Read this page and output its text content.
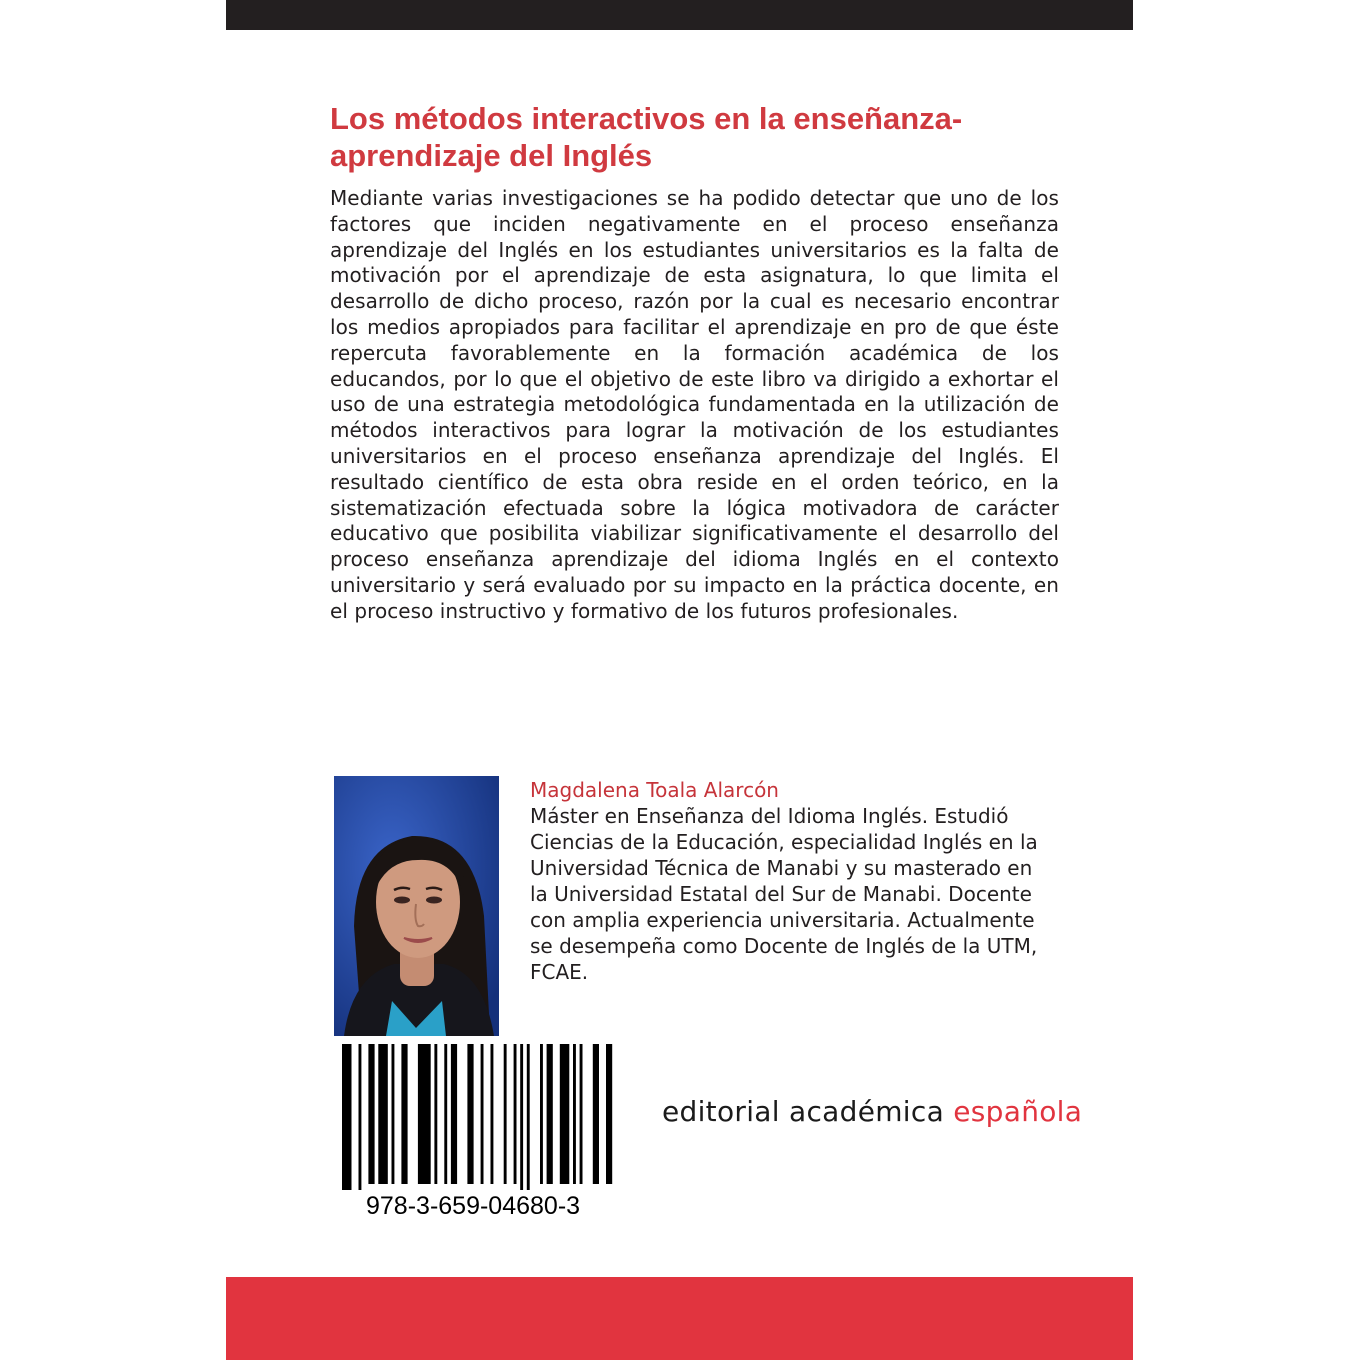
Los métodos interactivos en la enseñanza-aprendizaje del Inglés

Mediante varias investigaciones se ha podido detectar que uno de los factores que inciden negativamente en el proceso enseñanza aprendizaje del Inglés en los estudiantes universitarios es la falta de motivación por el aprendizaje de esta asignatura, lo que limita el desarrollo de dicho proceso, razón por la cual es necesario encontrar los medios apropiados para facilitar el aprendizaje en pro de que éste repercuta favorablemente en la formación académica de los educandos, por lo que el objetivo de este libro va dirigido a exhortar el uso de una estrategia metodológica fundamentada en la utilización de métodos interactivos para lograr la motivación de los estudiantes universitarios en el proceso enseñanza aprendizaje del Inglés. El resultado científico de esta obra reside en el orden teórico, en la sistematización efectuada sobre la lógica motivadora de carácter educativo que posibilita viabilizar significativamente el desarrollo del proceso enseñanza aprendizaje del idioma Inglés en el contexto universitario y será evaluado por su impacto en la práctica docente, en el proceso instructivo y formativo de los futuros profesionales.

Magdalena Toala Alarcón

Máster en Enseñanza del Idioma Inglés. Estudió
Ciencias de la Educación, especialidad Inglés en la
Universidad Técnica de Manabi y su masterado en
la Universidad Estatal del Sur de Manabi. Docente
con amplia experiencia universitaria. Actualmente
se desempeña como Docente de Inglés de la UTM,
FCAE.

978-3-659-04680-3

editorial académica española
